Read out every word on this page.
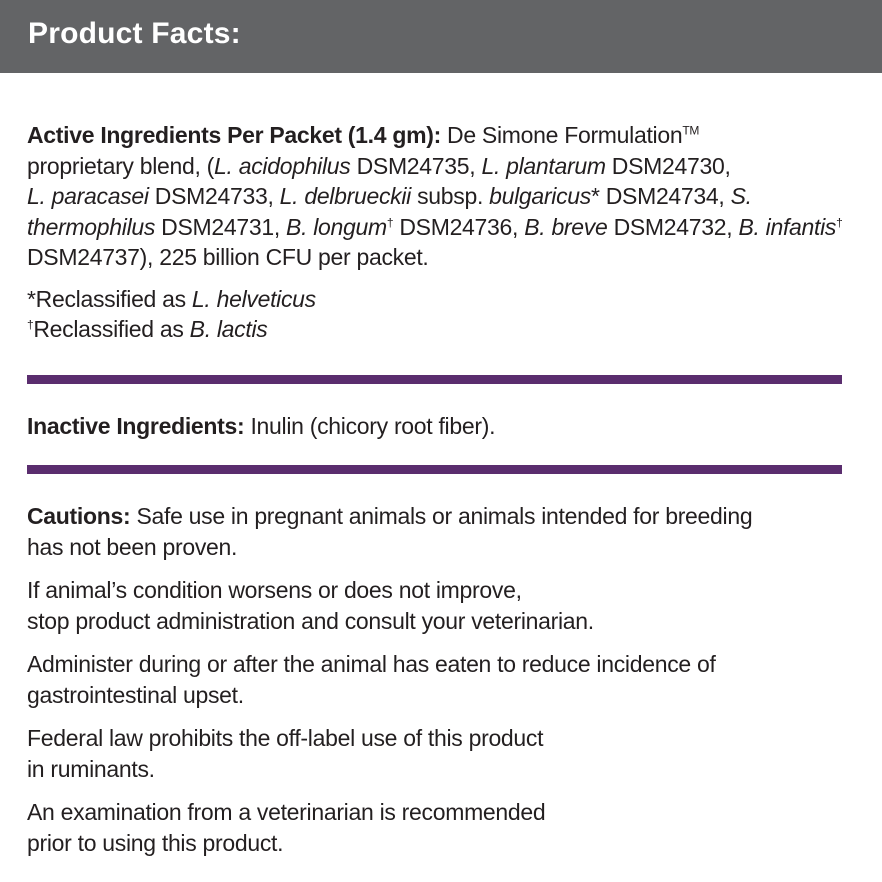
Product Facts:

Active Ingredients Per Packet (1.4 gm): De Simone Formulation™
proprietary blend, (L. acidophilus DSM24735, L. plantarum DSM24730,
L. paracasei DSM24733, L. delbrueckii subsp. bulgaricus* DSM24734, S. thermophilus DSM24731, B. longum† DSM24736, B. breve DSM24732, B. infantis† DSM24737), 225 billion CFU per packet.

*Reclassified as L. helveticus

†Reclassified as B. lactis

Inactive Ingredients: Inulin (chicory root fiber).

Cautions: Safe use in pregnant animals or animals intended for breeding
has not been proven.

If animal’s condition worsens or does not improve,
stop product administration and consult your veterinarian.

Administer during or after the animal has eaten to reduce incidence of
gastrointestinal upset.

Federal law prohibits the off-label use of this product
in ruminants.

An examination from a veterinarian is recommended
prior to using this product.
